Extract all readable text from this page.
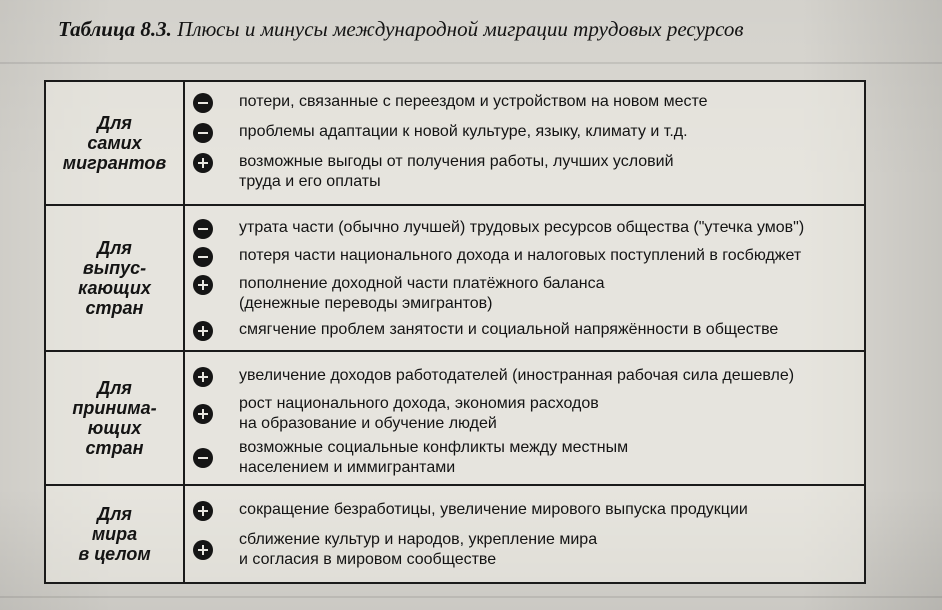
Таблица 8.3. Плюсы и минусы международной миграции трудовых ресурсов
Для
самих
мигрантов
потери, связанные с переездом и устройством на новом месте
проблемы адаптации к новой культуре, языку, климату и т.д.
возможные выгоды от получения работы, лучших условий
труда и его оплаты
Для
выпус-
кающих
стран
утрата части (обычно лучшей) трудовых ресурсов общества ("утечка умов")
потеря части национального дохода и налоговых поступлений в госбюджет
пополнение доходной части платёжного баланса
(денежные переводы эмигрантов)
смягчение проблем занятости и социальной напряжённости в обществе
Для
принима-
ющих
стран
увеличение доходов работодателей (иностранная рабочая сила дешевле)
рост национального дохода, экономия расходов
на образование и обучение людей
возможные социальные конфликты между местным
населением и иммигрантами
Для
мира
в целом
сокращение безработицы, увеличение мирового выпуска продукции
сближение культур и народов, укрепление мира
и согласия в мировом сообществе
